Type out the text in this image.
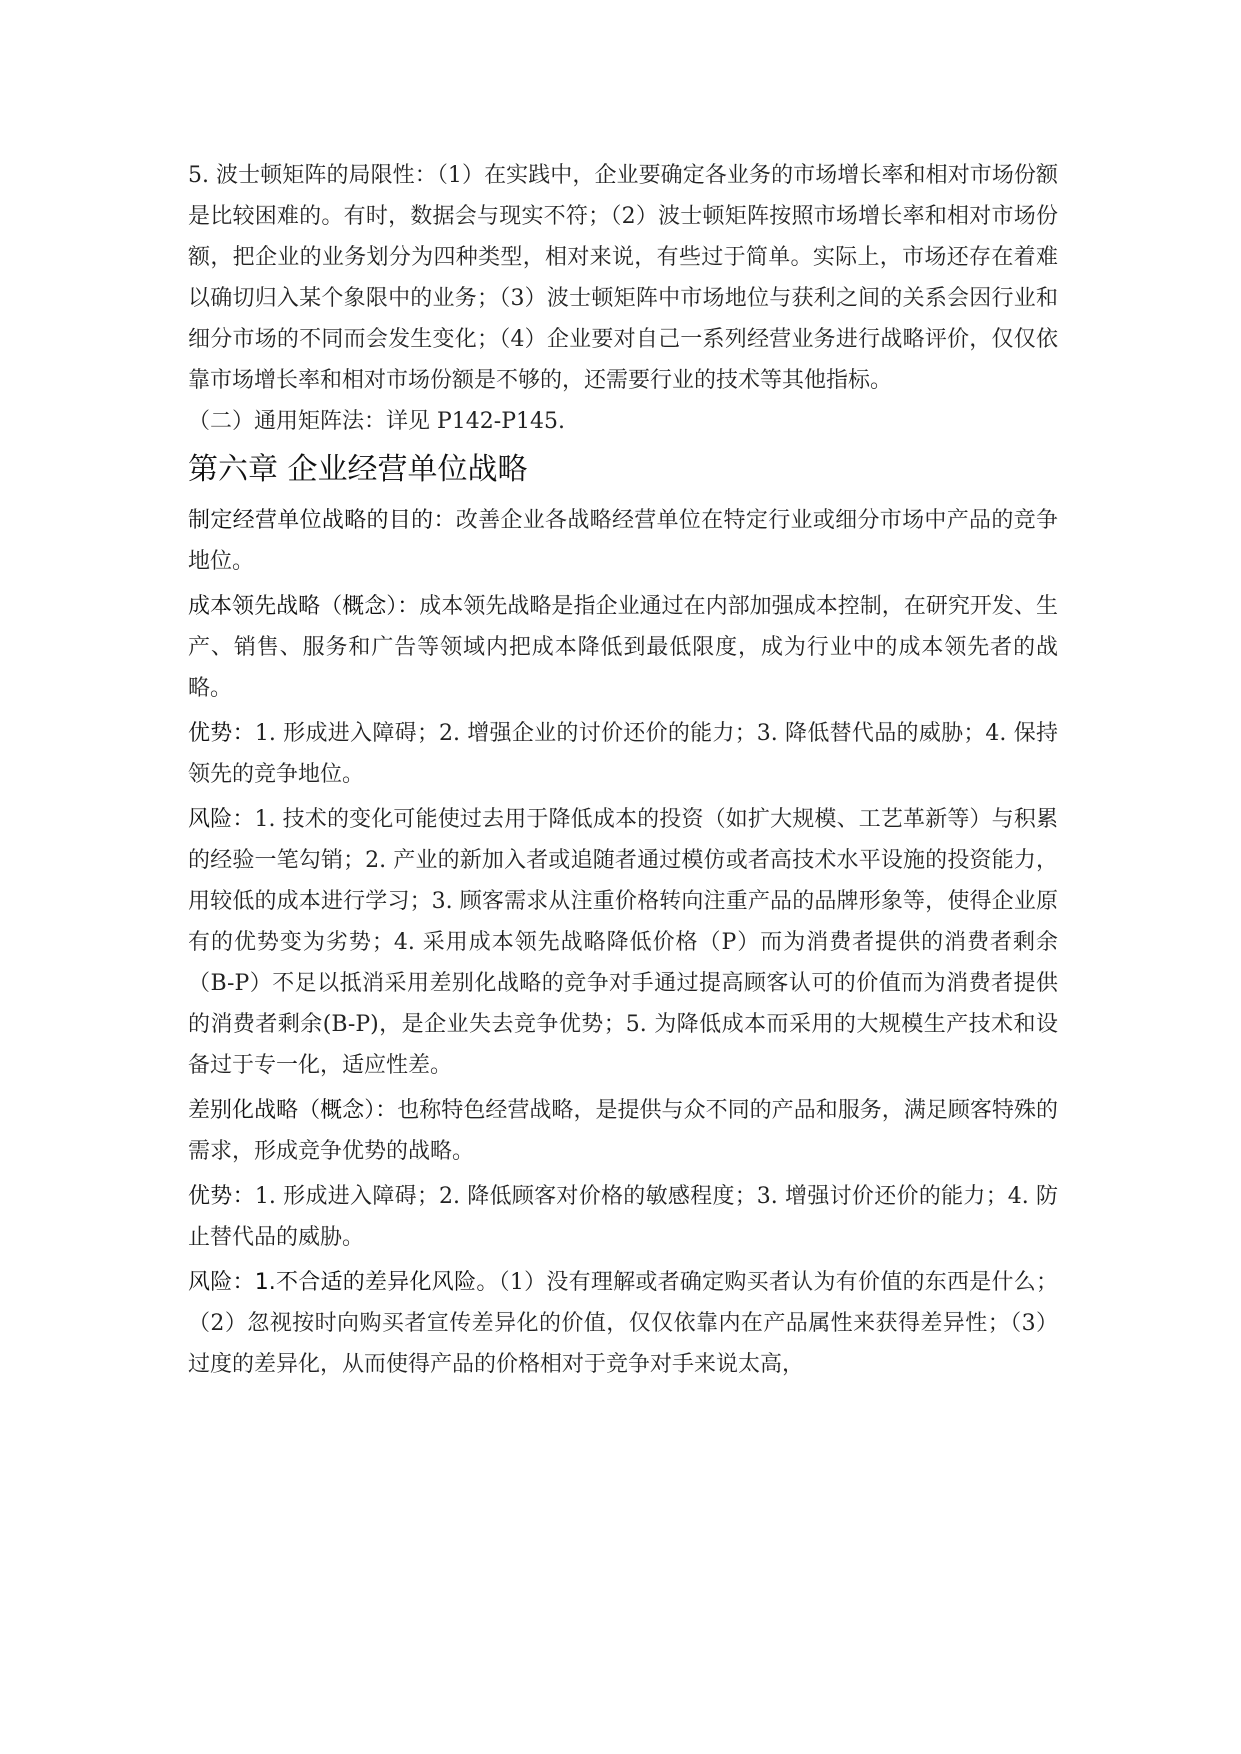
5. 波士顿矩阵的局限性：（1）在实践中，企业要确定各业务的市场增长率和相对市场份额是比较困难的。有时，数据会与现实不符；（2）波士顿矩阵按照市场增长率和相对市场份额，把企业的业务划分为四种类型，相对来说，有些过于简单。实际上，市场还存在着难以确切归入某个象限中的业务；（3）波士顿矩阵中市场地位与获利之间的关系会因行业和细分市场的不同而会发生变化；（4）企业要对自己一系列经营业务进行战略评价，仅仅依靠市场增长率和相对市场份额是不够的，还需要行业的技术等其他指标。

（二）通用矩阵法：详见 P142-P145.

第六章 企业经营单位战略

制定经营单位战略的目的：改善企业各战略经营单位在特定行业或细分市场中产品的竞争地位。

成本领先战略（概念）：成本领先战略是指企业通过在内部加强成本控制，在研究开发、生产、销售、服务和广告等领域内把成本降低到最低限度，成为行业中的成本领先者的战略。

优势：1. 形成进入障碍；2. 增强企业的讨价还价的能力；3. 降低替代品的威胁；4. 保持领先的竞争地位。

风险：1. 技术的变化可能使过去用于降低成本的投资（如扩大规模、工艺革新等）与积累的经验一笔勾销；2. 产业的新加入者或追随者通过模仿或者高技术水平设施的投资能力，用较低的成本进行学习；3. 顾客需求从注重价格转向注重产品的品牌形象等，使得企业原有的优势变为劣势；4. 采用成本领先战略降低价格（P）而为消费者提供的消费者剩余（B-P）不足以抵消采用差别化战略的竞争对手通过提高顾客认可的价值而为消费者提供的消费者剩余(B-P)，是企业失去竞争优势；5. 为降低成本而采用的大规模生产技术和设备过于专一化，适应性差。

差别化战略（概念）：也称特色经营战略，是提供与众不同的产品和服务，满足顾客特殊的需求，形成竞争优势的战略。

优势：1. 形成进入障碍；2. 降低顾客对价格的敏感程度；3. 增强讨价还价的能力；4. 防止替代品的威胁。

风险：1.不合适的差异化风险。（1）没有理解或者确定购买者认为有价值的东西是什么；（2）忽视按时向购买者宣传差异化的价值，仅仅依靠内在产品属性来获得差异性；（3）过度的差异化，从而使得产品的价格相对于竞争对手来说太高，
